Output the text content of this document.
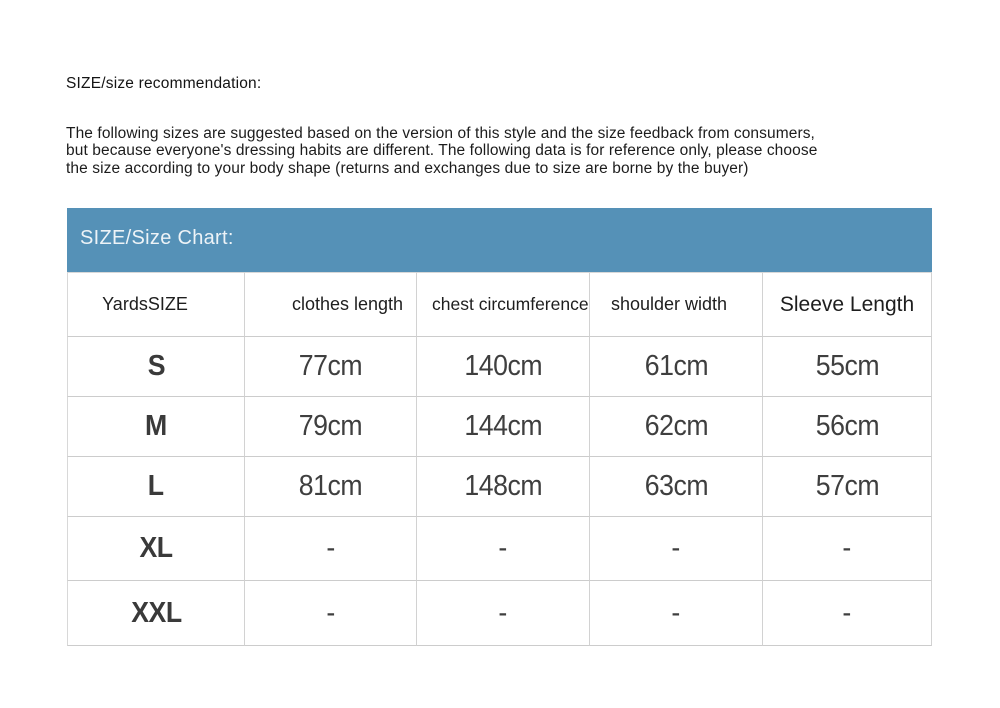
SIZE/size recommendation:
The following sizes are suggested based on the version of this style and the size feedback from consumers,
but because everyone's dressing habits are different. The following data is for reference only, please choose
the size according to your body shape (returns and exchanges due to size are borne by the buyer)
SIZE/Size Chart:
YardsSIZE	clothes length	chest circumference	shoulder width	Sleeve Length
S	77cm	140cm	61cm	55cm
M	79cm	144cm	62cm	56cm
L	81cm	148cm	63cm	57cm
XL	-	-	-	-
XXL	-	-	-	-
